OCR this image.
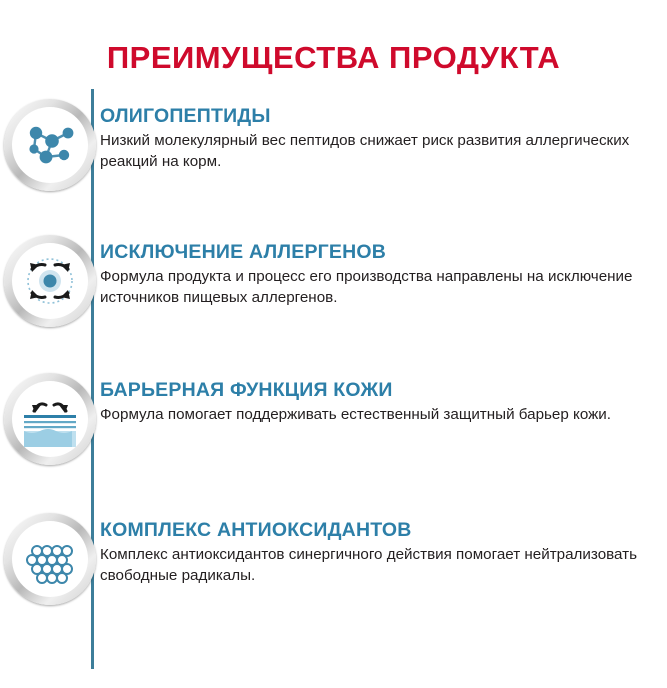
ПРЕИМУЩЕСТВА ПРОДУКТА

ОЛИГОПЕПТИДЫ

Низкий молекулярный вес пептидов снижает риск развития аллергических реакций на корм.

ИСКЛЮЧЕНИЕ АЛЛЕРГЕНОВ

Формула продукта и процесс его производства направлены на исключение источников пищевых аллергенов.

БАРЬЕРНАЯ ФУНКЦИЯ КОЖИ

Формула помогает поддерживать естественный защитный барьер кожи.

КОМПЛЕКС АНТИОКСИДАНТОВ

Комплекс антиоксидантов синергичного действия помогает нейтрализовать свободные радикалы.
